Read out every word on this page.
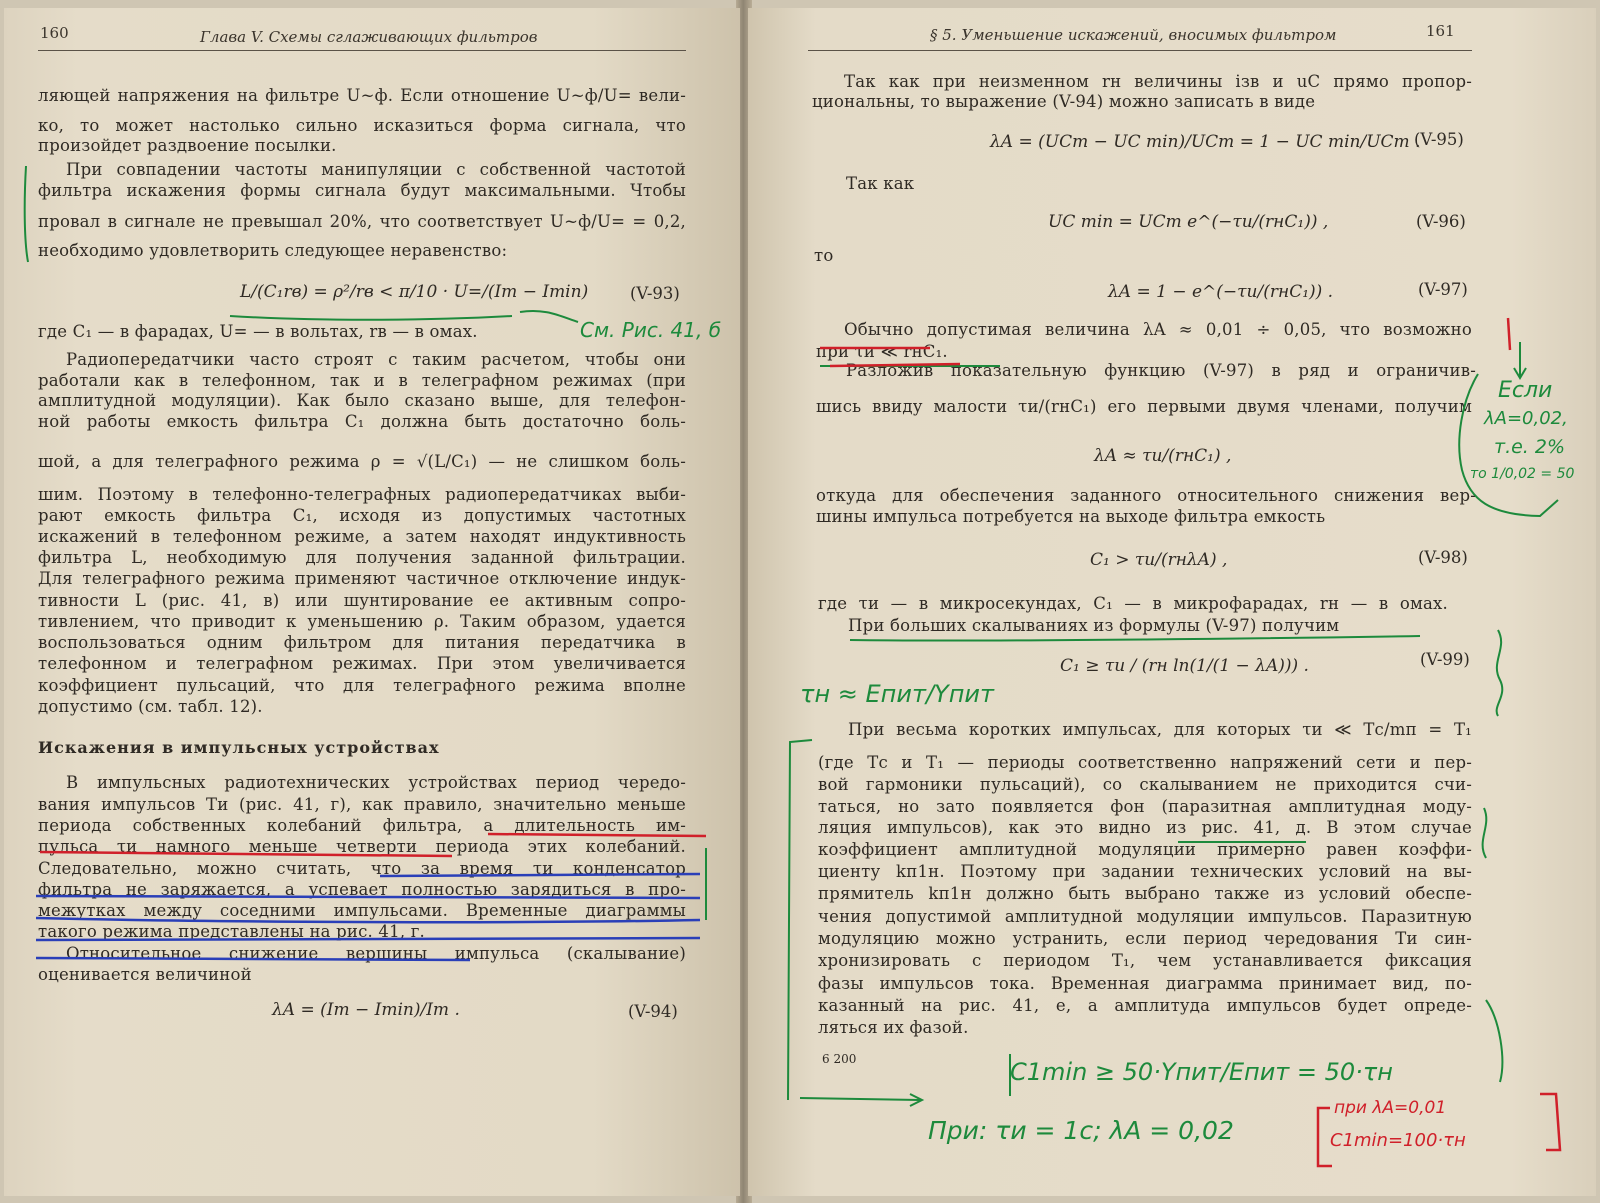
160	Глава V. Схемы сглаживающих фильтров
ляющей напряжения на фильтре U~ф. Если отношение U~ф/U= вели-
ко, то может настолько сильно исказиться форма сигнала, что
произойдет раздвоение посылки.
При совпадении частоты манипуляции с собственной частотой
фильтра искажения формы сигнала будут максимальными. Чтобы
провал в сигнале не превышал 20%, что соответствует U~ф/U= = 0,2,
необходимо удовлетворить следующее неравенство:
L/(C₁rв) = ρ²/rв < π/10 · U=/(Im − Imin)	(V-93)
где C₁ — в фарадах, U= — в вольтах, rв — в омах.
Радиопередатчики часто строят с таким расчетом, чтобы они
работали как в телефонном, так и в телеграфном режимах (при
амплитудной модуляции). Как было сказано выше, для телефон-
ной работы емкость фильтра C₁ должна быть достаточно боль-
шой, а для телеграфного режима ρ = √(L/C₁) — не слишком боль-
шим. Поэтому в телефонно-телеграфных радиопередатчиках выби-
рают емкость фильтра C₁, исходя из допустимых частотных
искажений в телефонном режиме, а затем находят индуктивность
фильтра L, необходимую для получения заданной фильтрации.
Для телеграфного режима применяют частичное отключение индук-
тивности L (рис. 41, в) или шунтирование ее активным сопро-
тивлением, что приводит к уменьшению ρ. Таким образом, удается
воспользоваться одним фильтром для питания передатчика в
телефонном и телеграфном режимах. При этом увеличивается
коэффициент пульсаций, что для телеграфного режима вполне
допустимо (см. табл. 12).
Искажения в импульсных устройствах
В импульсных радиотехнических устройствах период чередо-
вания импульсов Tи (рис. 41, г), как правило, значительно меньше
периода собственных колебаний фильтра, а длительность им-
пульса τи намного меньше четверти периода этих колебаний.
Следовательно, можно считать, что за время τи конденсатор
фильтра не заряжается, а успевает полностью зарядиться в про-
межутках между соседними импульсами. Временные диаграммы
такого режима представлены на рис. 41, г.
Относительное снижение вершины импульса (скалывание)
оценивается величиной
λA = (Im − Imin)/Im .	(V-94)
§ 5. Уменьшение искажений, вносимых фильтром	161
Так как при неизменном rн величины iзв и uC прямо пропор-
циональны, то выражение (V-94) можно записать в виде
λA = (UCm − UC min)/UCm = 1 − UC min/UCm .
(V-95)
Так как
UC min = UCm e^(−τи/(rнC₁)) ,	(V-96)
то
λA = 1 − e^(−τи/(rнC₁)) .	(V-97)
Обычно допустимая величина λA ≈ 0,01 ÷ 0,05, что возможно
при τи ≪ rнC₁.
Разложив показательную функцию (V-97) в ряд и ограничив-
шись ввиду малости τи/(rнC₁) его первыми двумя членами, получим
λA ≈ τи/(rнC₁) ,
откуда для обеспечения заданного относительного снижения вер-
шины импульса потребуется на выходе фильтра емкость
C₁ > τи/(rнλA) ,	(V-98)
где τи — в микросекундах, C₁ — в микрофарадах, rн — в омах.
При больших скалываниях из формулы (V-97) получим
C₁ ≥ τи / (rн ln(1/(1 − λA))) .	(V-99)
При весьма коротких импульсах, для которых τи ≪ Tс/mп = T₁
(где Tс и T₁ — периоды соответственно напряжений сети и пер-
вой гармоники пульсаций), со скалыванием не приходится счи-
таться, но зато появляется фон (паразитная амплитудная моду-
ляция импульсов), как это видно из рис. 41, д. В этом случае
коэффициент амплитудной модуляции примерно равен коэффи-
циенту kп1н. Поэтому при задании технических условий на вы-
прямитель kп1н должно быть выбрано также из условий обеспе-
чения допустимой амплитудной модуляции импульсов. Паразитную
модуляцию можно устранить, если период чередования Tи син-
хронизировать с периодом T₁, чем устанавливается фиксация
фазы импульсов тока. Временная диаграмма принимает вид, по-
казанный на рис. 41, е, а амплитуда импульсов будет опреде-
ляться их фазой.
6 200
См. Рис. 41, б
Если
λA=0,02,
т.е. 2%
то 1/0,02 = 50
τн ≈ Eпит/Yпит
C1min ≥ 50·Yпит/Eпит = 50·τн
При: τи = 1с; λA = 0,02
при λA=0,01
C1min=100·τн
